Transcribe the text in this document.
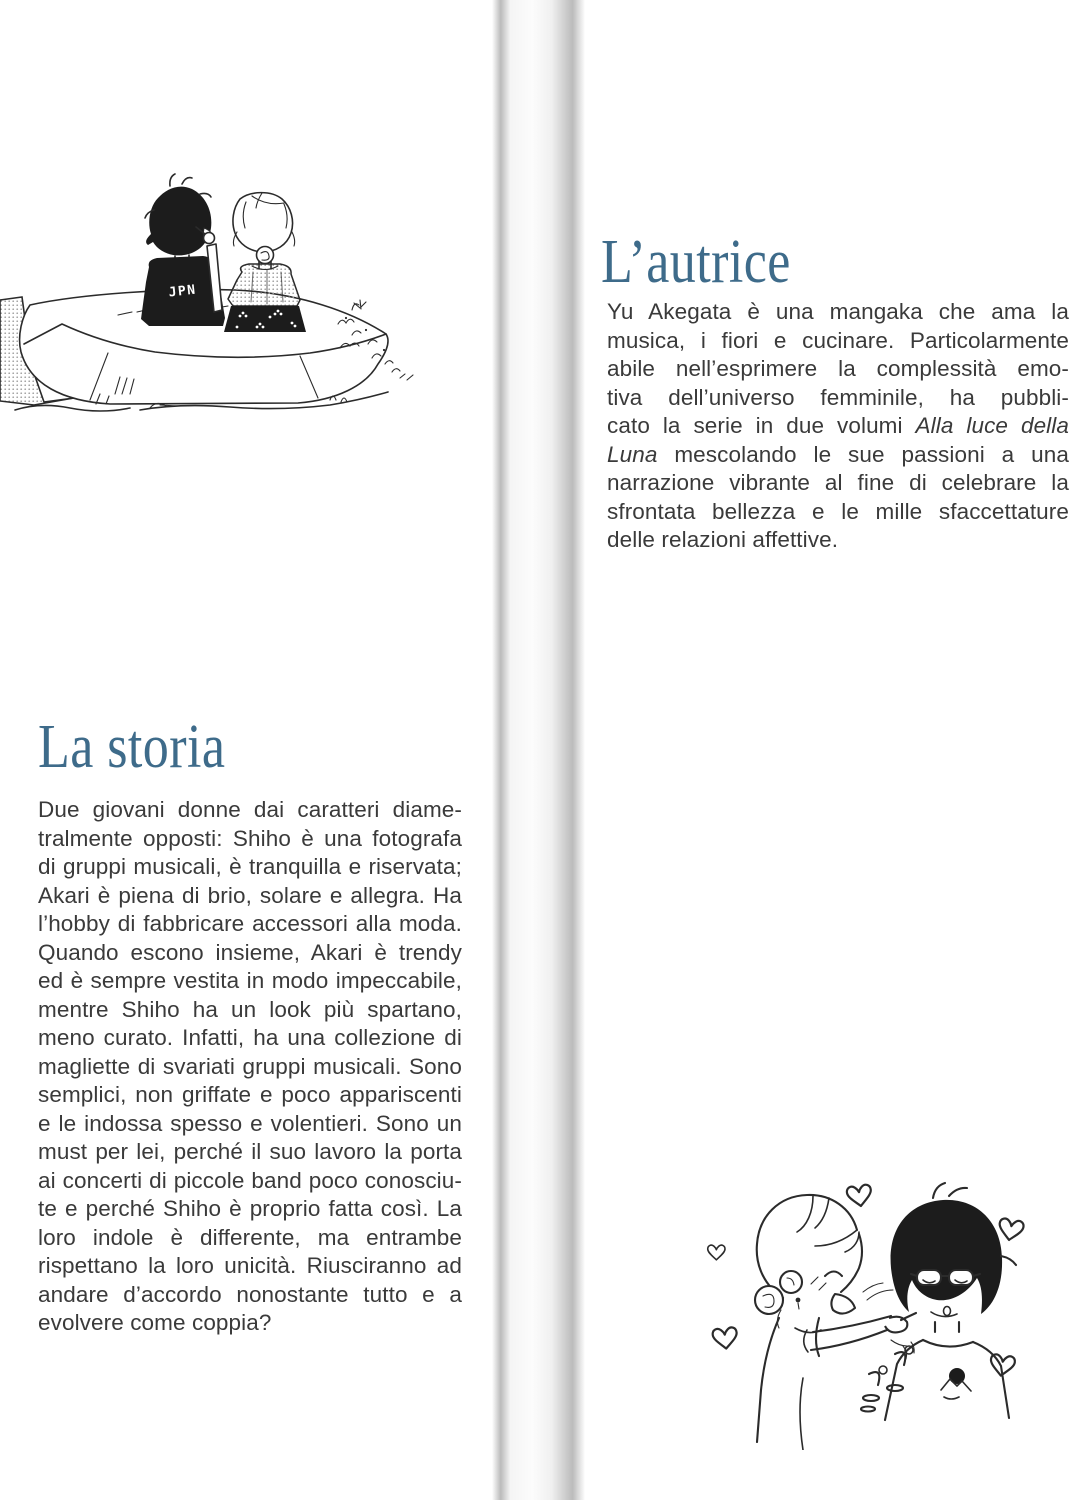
JPN
La storia
Due giovani donne dai caratteri diame-
tralmente opposti: Shiho è una fotografa
di gruppi musicali, è tranquilla e riservata;
Akari è piena di brio, solare e allegra. Ha
l’hobby di fabbricare accessori alla moda.
Quando escono insieme, Akari è trendy
ed è sempre vestita in modo impeccabile,
mentre Shiho ha un look più spartano,
meno curato. Infatti, ha una collezione di
magliette di svariati gruppi musicali. Sono
semplici, non griffate e poco appariscenti
e le indossa spesso e volentieri. Sono un
must per lei, perché il suo lavoro la porta
ai concerti di piccole band poco conosciu-
te e perché Shiho è proprio fatta così. La
loro indole è differente, ma entrambe
rispettano la loro unicità. Riusciranno ad
andare d’accordo nonostante tutto e a
evolvere come coppia?
L’autrice
Yu Akegata è una mangaka che ama la
musica, i fiori e cucinare. Particolarmente
abile nell’esprimere la complessità emo-
tiva dell’universo femminile, ha pubbli-
cato la serie in due volumi Alla luce della
Luna mescolando le sue passioni a una
narrazione vibrante al fine di celebrare la
sfrontata bellezza e le mille sfaccettature
delle relazioni affettive.
